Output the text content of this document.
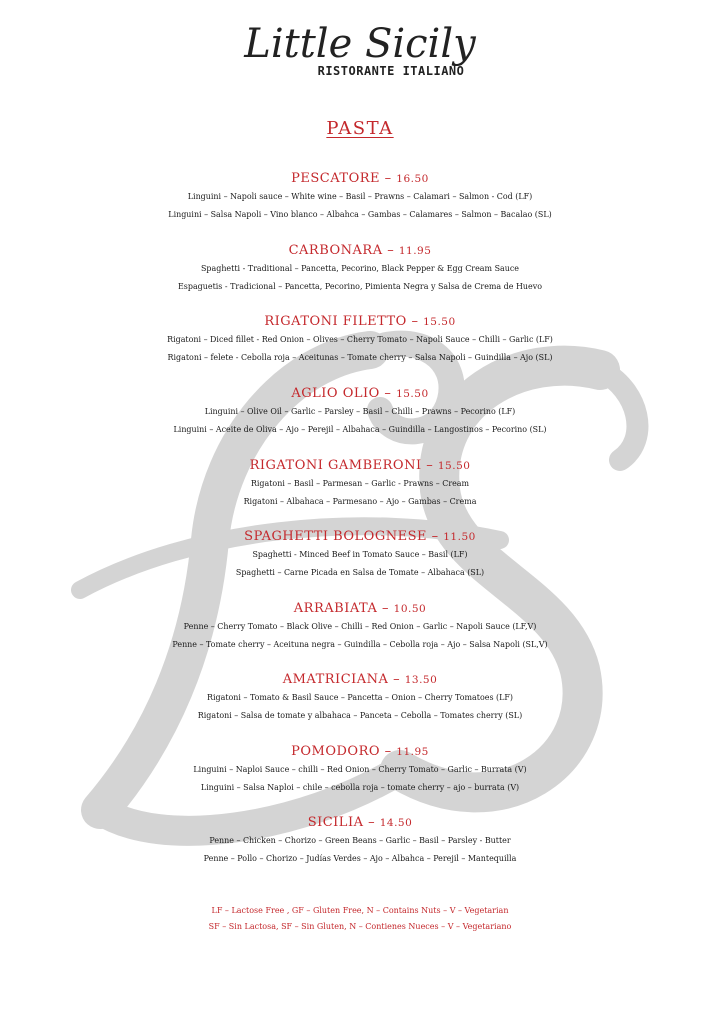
Little Sicily
RISTORANTE ITALIANO
PASTA
PESCATORE – 16.50
Linguini – Napoli sauce – White wine – Basil – Prawns – Calamari – Salmon - Cod (LF)
Linguini – Salsa Napoli – Vino blanco – Albahca – Gambas – Calamares – Salmon – Bacalao (SL)
CARBONARA – 11.95
Spaghetti - Traditional – Pancetta, Pecorino, Black Pepper & Egg Cream Sauce
Espaguetis - Tradicional – Pancetta, Pecorino, Pimienta Negra y Salsa de Crema de Huevo
RIGATONI FILETTO – 15.50
Rigatoni – Diced fillet - Red Onion – Olives – Cherry Tomato – Napoli Sauce – Chilli – Garlic (LF)
Rigatoni – felete - Cebolla roja – Aceitunas – Tomate cherry – Salsa Napoli – Guindilla – Ajo (SL)
AGLIO OLIO – 15.50
Linguini – Olive Oil – Garlic – Parsley – Basil – Chilli – Prawns – Pecorino (LF)
Linguini – Aceite de Oliva – Ajo – Perejil – Albahaca – Guindilla – Langostinos – Pecorino (SL)
RIGATONI GAMBERONI – 15.50
Rigatoni – Basil – Parmesan – Garlic - Prawns – Cream
Rigatoni – Albahaca – Parmesano – Ajo – Gambas – Crema
SPAGHETTI BOLOGNESE – 11.50
Spaghetti - Minced Beef in Tomato Sauce – Basil (LF)
Spaghetti – Carne Picada en Salsa de Tomate – Albahaca (SL)
ARRABIATA – 10.50
Penne – Cherry Tomato – Black Olive – Chilli – Red Onion – Garlic – Napoli Sauce (LF,V)
Penne – Tomate cherry – Aceituna negra – Guindilla – Cebolla roja – Ajo – Salsa Napoli (SL,V)
AMATRICIANA – 13.50
Rigatoni – Tomato & Basil Sauce – Pancetta – Onion – Cherry Tomatoes (LF)
Rigatoni – Salsa de tomate y albahaca – Panceta – Cebolla – Tomates cherry (SL)
POMODORO – 11.95
Linguini – Naploi Sauce – chilli – Red Onion – Cherry Tomato – Garlic – Burrata (V)
Linguini – Salsa Naploi – chile – cebolla roja – tomate cherry – ajo – burrata (V)
SICILIA – 14.50
Penne – Chicken – Chorizo – Green Beans – Garlic – Basil – Parsley - Butter
Penne – Pollo – Chorizo – Judías Verdes – Ajo – Albahca – Perejil – Mantequilla
LF – Lactose Free , GF – Gluten Free, N – Contains Nuts – V – Vegetarian
SF – Sin Lactosa, SF – Sin Gluten, N – Contienes Nueces – V – Vegetariano
